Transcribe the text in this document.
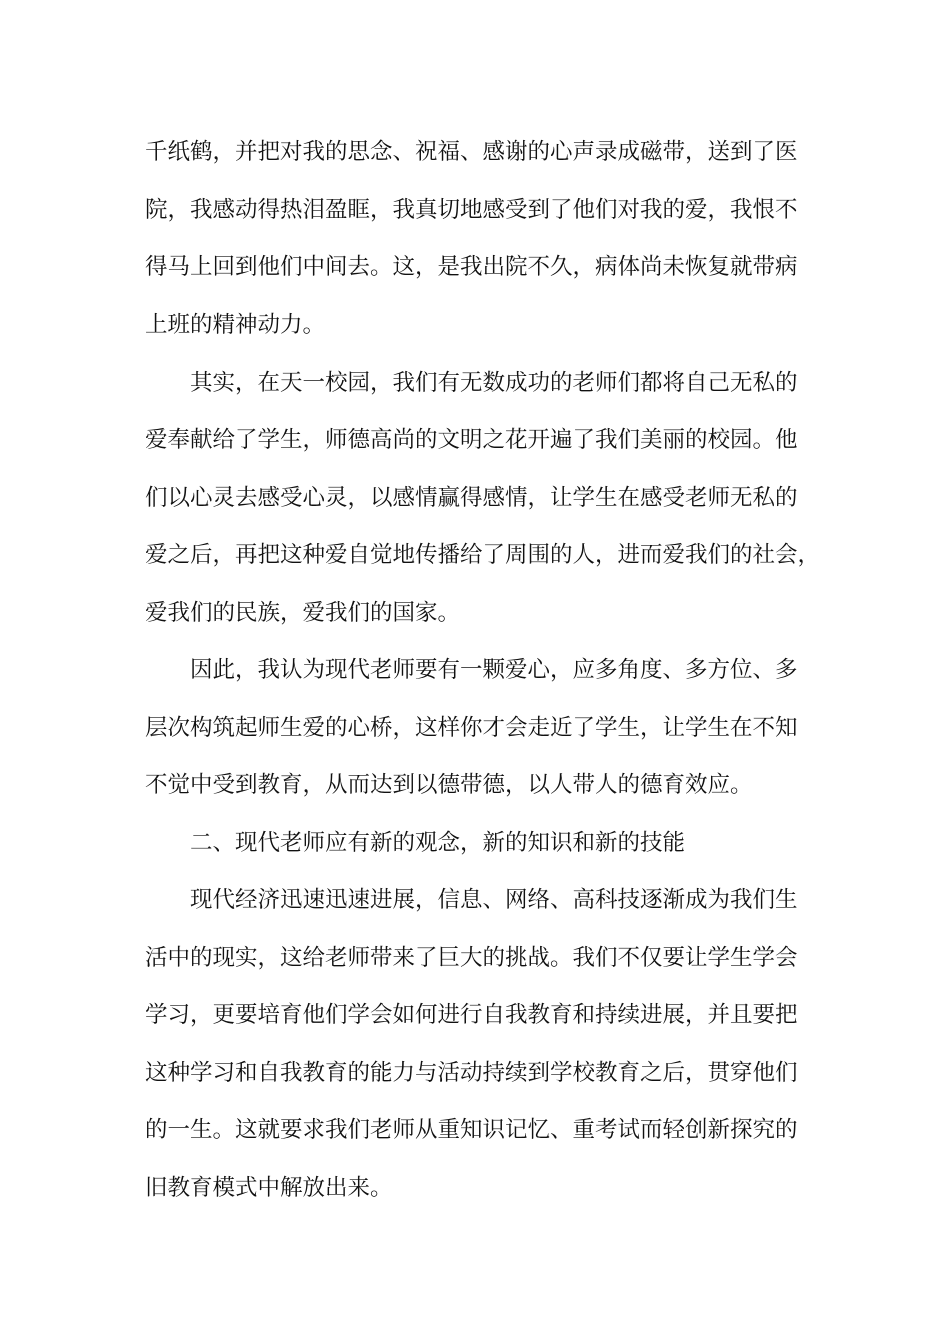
千纸鹤，并把对我的思念、祝福、感谢的心声录成磁带，送到了医
院，我感动得热泪盈眶，我真切地感受到了他们对我的爱，我恨不
得马上回到他们中间去。这，是我出院不久，病体尚未恢复就带病
上班的精神动力。
其实，在天一校园，我们有无数成功的老师们都将自己无私的
爱奉献给了学生，师德高尚的文明之花开遍了我们美丽的校园。他
们以心灵去感受心灵，以感情赢得感情，让学生在感受老师无私的
爱之后，再把这种爱自觉地传播给了周围的人，进而爱我们的社会，
爱我们的民族，爱我们的国家。
因此，我认为现代老师要有一颗爱心，应多角度、多方位、多
层次构筑起师生爱的心桥，这样你才会走近了学生，让学生在不知
不觉中受到教育，从而达到以德带德，以人带人的德育效应。
二、现代老师应有新的观念，新的知识和新的技能
现代经济迅速迅速进展，信息、网络、高科技逐渐成为我们生
活中的现实，这给老师带来了巨大的挑战。我们不仅要让学生学会
学习，更要培育他们学会如何进行自我教育和持续进展，并且要把
这种学习和自我教育的能力与活动持续到学校教育之后，贯穿他们
的一生。这就要求我们老师从重知识记忆、重考试而轻创新探究的
旧教育模式中解放出来。
